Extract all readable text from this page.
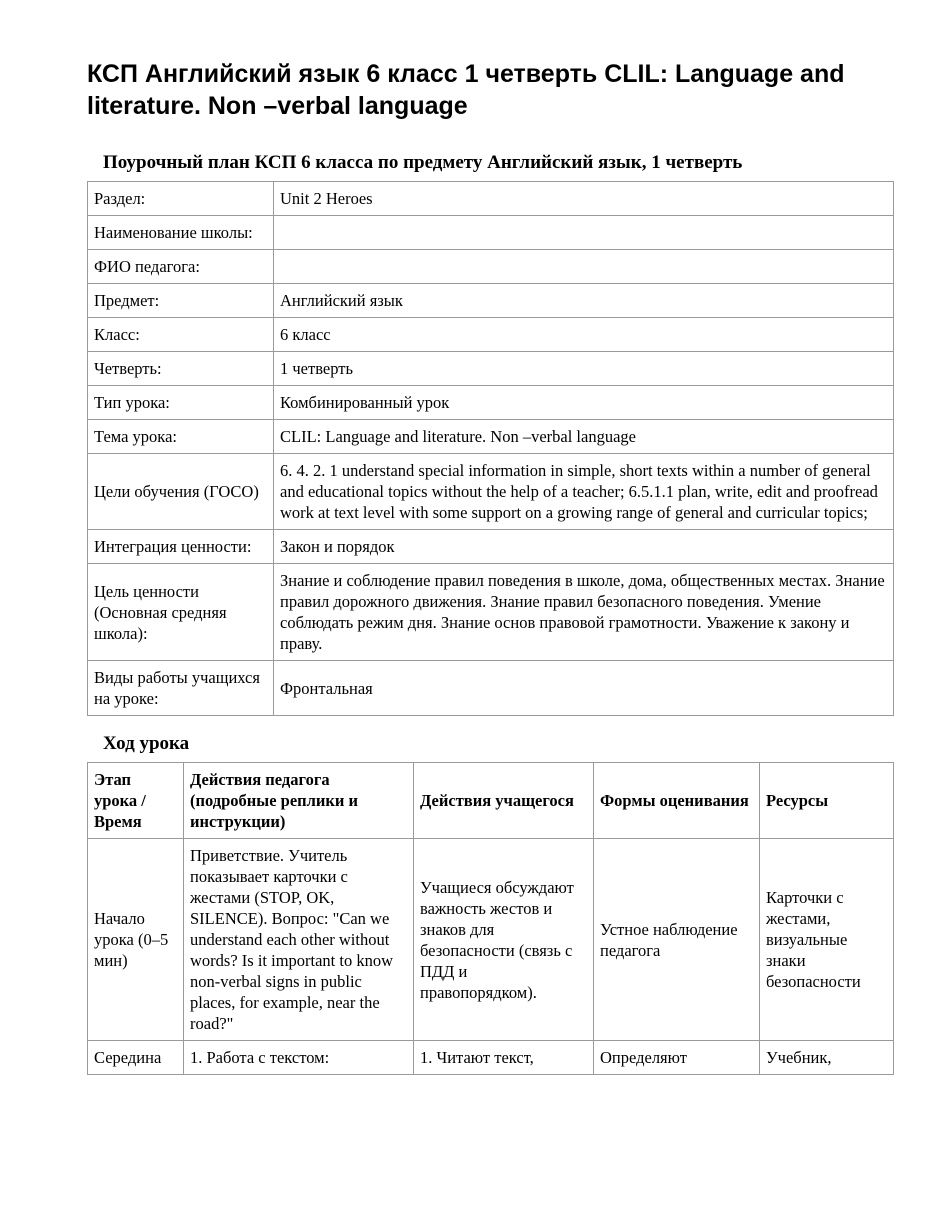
КСП Английский язык 6 класс 1 четверть CLIL: Language and literature. Non –verbal language
Поурочный план КСП 6 класса по предмету Английский язык, 1 четверть
Раздел:	Unit 2 Heroes
Наименование школы:	
ФИО педагога:	
Предмет:	Английский язык
Класс:	6 класс
Четверть:	1 четверть
Тип урока:	Комбинированный урок
Тема урока:	CLIL: Language and literature. Non –verbal language
Цели обучения (ГОСО)	6. 4. 2. 1 understand special information in simple, short texts within a number of general and educational topics without the help of a teacher; 6.5.1.1 plan, write, edit and proofread work at text level with some support on a growing range of general and curricular topics;
Интеграция ценности:	Закон и порядок
Цель ценности (Основная средняя школа):	Знание и соблюдение правил поведения в школе, дома, общественных местах. Знание правил дорожного движения. Знание правил безопасного поведения. Умение соблюдать режим дня. Знание основ правовой грамотности. Уважение к закону и праву.
Виды работы учащихся на уроке:	Фронтальная
Ход урока
Этап урока / Время	Действия педагога (подробные реплики и инструкции)	Действия учащегося	Формы оценивания	Ресурсы
Начало урока (0–5 мин)	Приветствие. Учитель показывает карточки с жестами (STOP, OK, SILENCE). Вопрос: "Can we understand each other without words? Is it important to know non-verbal signs in public places, for example, near the road?"	Учащиеся обсуждают важность жестов и знаков для безопасности (связь с ПДД и правопорядком).	Устное наблюдение педагога	Карточки с жестами, визуальные знаки безопасности
Середина	1. Работа с текстом:	1. Читают текст,	Определяют	Учебник,
